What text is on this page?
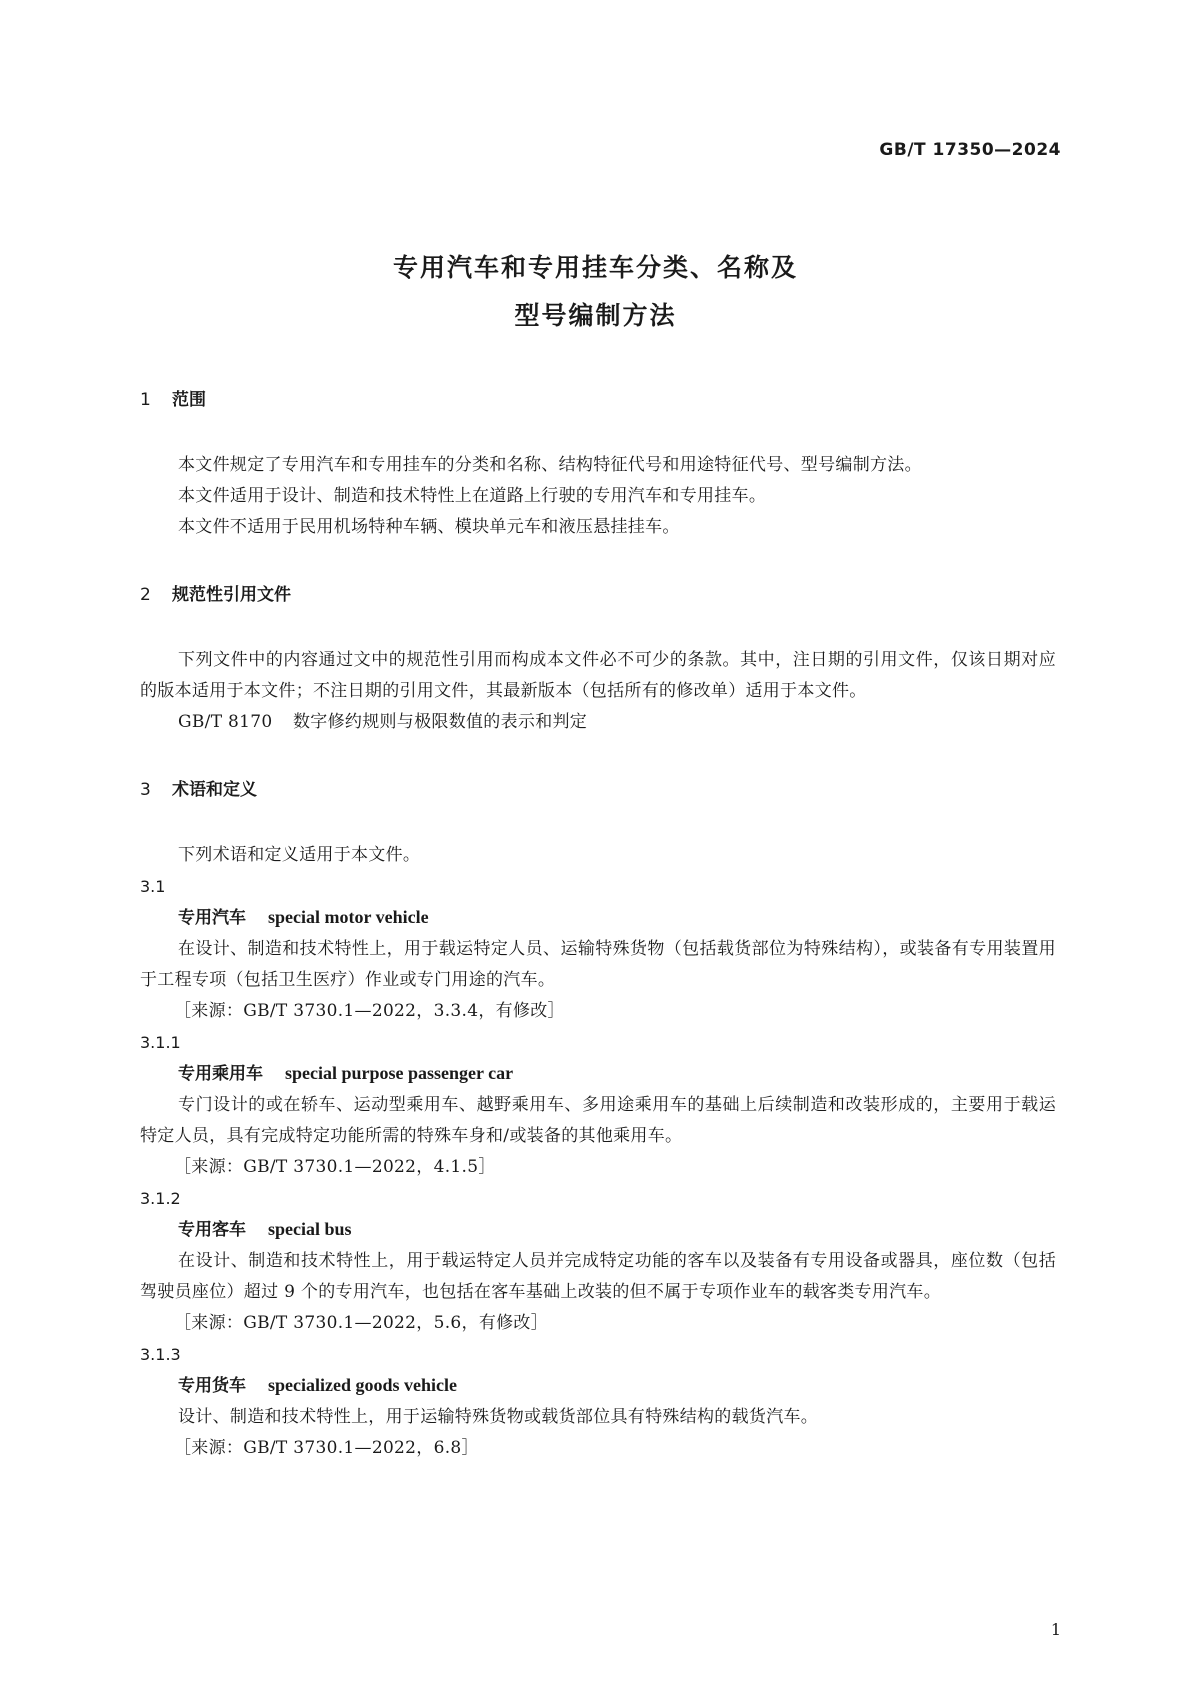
GB/T 17350—2024
专用汽车和专用挂车分类、名称及
型号编制方法
1 范围
本文件规定了专用汽车和专用挂车的分类和名称、结构特征代号和用途特征代号、型号编制方法。
本文件适用于设计、制造和技术特性上在道路上行驶的专用汽车和专用挂车。
本文件不适用于民用机场特种车辆、模块单元车和液压悬挂挂车。
2 规范性引用文件
下列文件中的内容通过文中的规范性引用而构成本文件必不可少的条款。其中，注日期的引用文件，仅该日期对应的版本适用于本文件；不注日期的引用文件，其最新版本（包括所有的修改单）适用于本文件。
GB/T 8170 数字修约规则与极限数值的表示和判定
3 术语和定义
下列术语和定义适用于本文件。
3.1
专用汽车 special motor vehicle
在设计、制造和技术特性上，用于载运特定人员、运输特殊货物（包括载货部位为特殊结构），或装备有专用装置用于工程专项（包括卫生医疗）作业或专门用途的汽车。
［来源：GB/T 3730.1—2022，3.3.4，有修改］
3.1.1
专用乘用车 special purpose passenger car
专门设计的或在轿车、运动型乘用车、越野乘用车、多用途乘用车的基础上后续制造和改装形成的，主要用于载运特定人员，具有完成特定功能所需的特殊车身和/或装备的其他乘用车。
［来源：GB/T 3730.1—2022，4.1.5］
3.1.2
专用客车 special bus
在设计、制造和技术特性上，用于载运特定人员并完成特定功能的客车以及装备有专用设备或器具，座位数（包括驾驶员座位）超过 9 个的专用汽车，也包括在客车基础上改装的但不属于专项作业车的载客类专用汽车。
［来源：GB/T 3730.1—2022，5.6，有修改］
3.1.3
专用货车 specialized goods vehicle
设计、制造和技术特性上，用于运输特殊货物或载货部位具有特殊结构的载货汽车。
［来源：GB/T 3730.1—2022，6.8］
1
